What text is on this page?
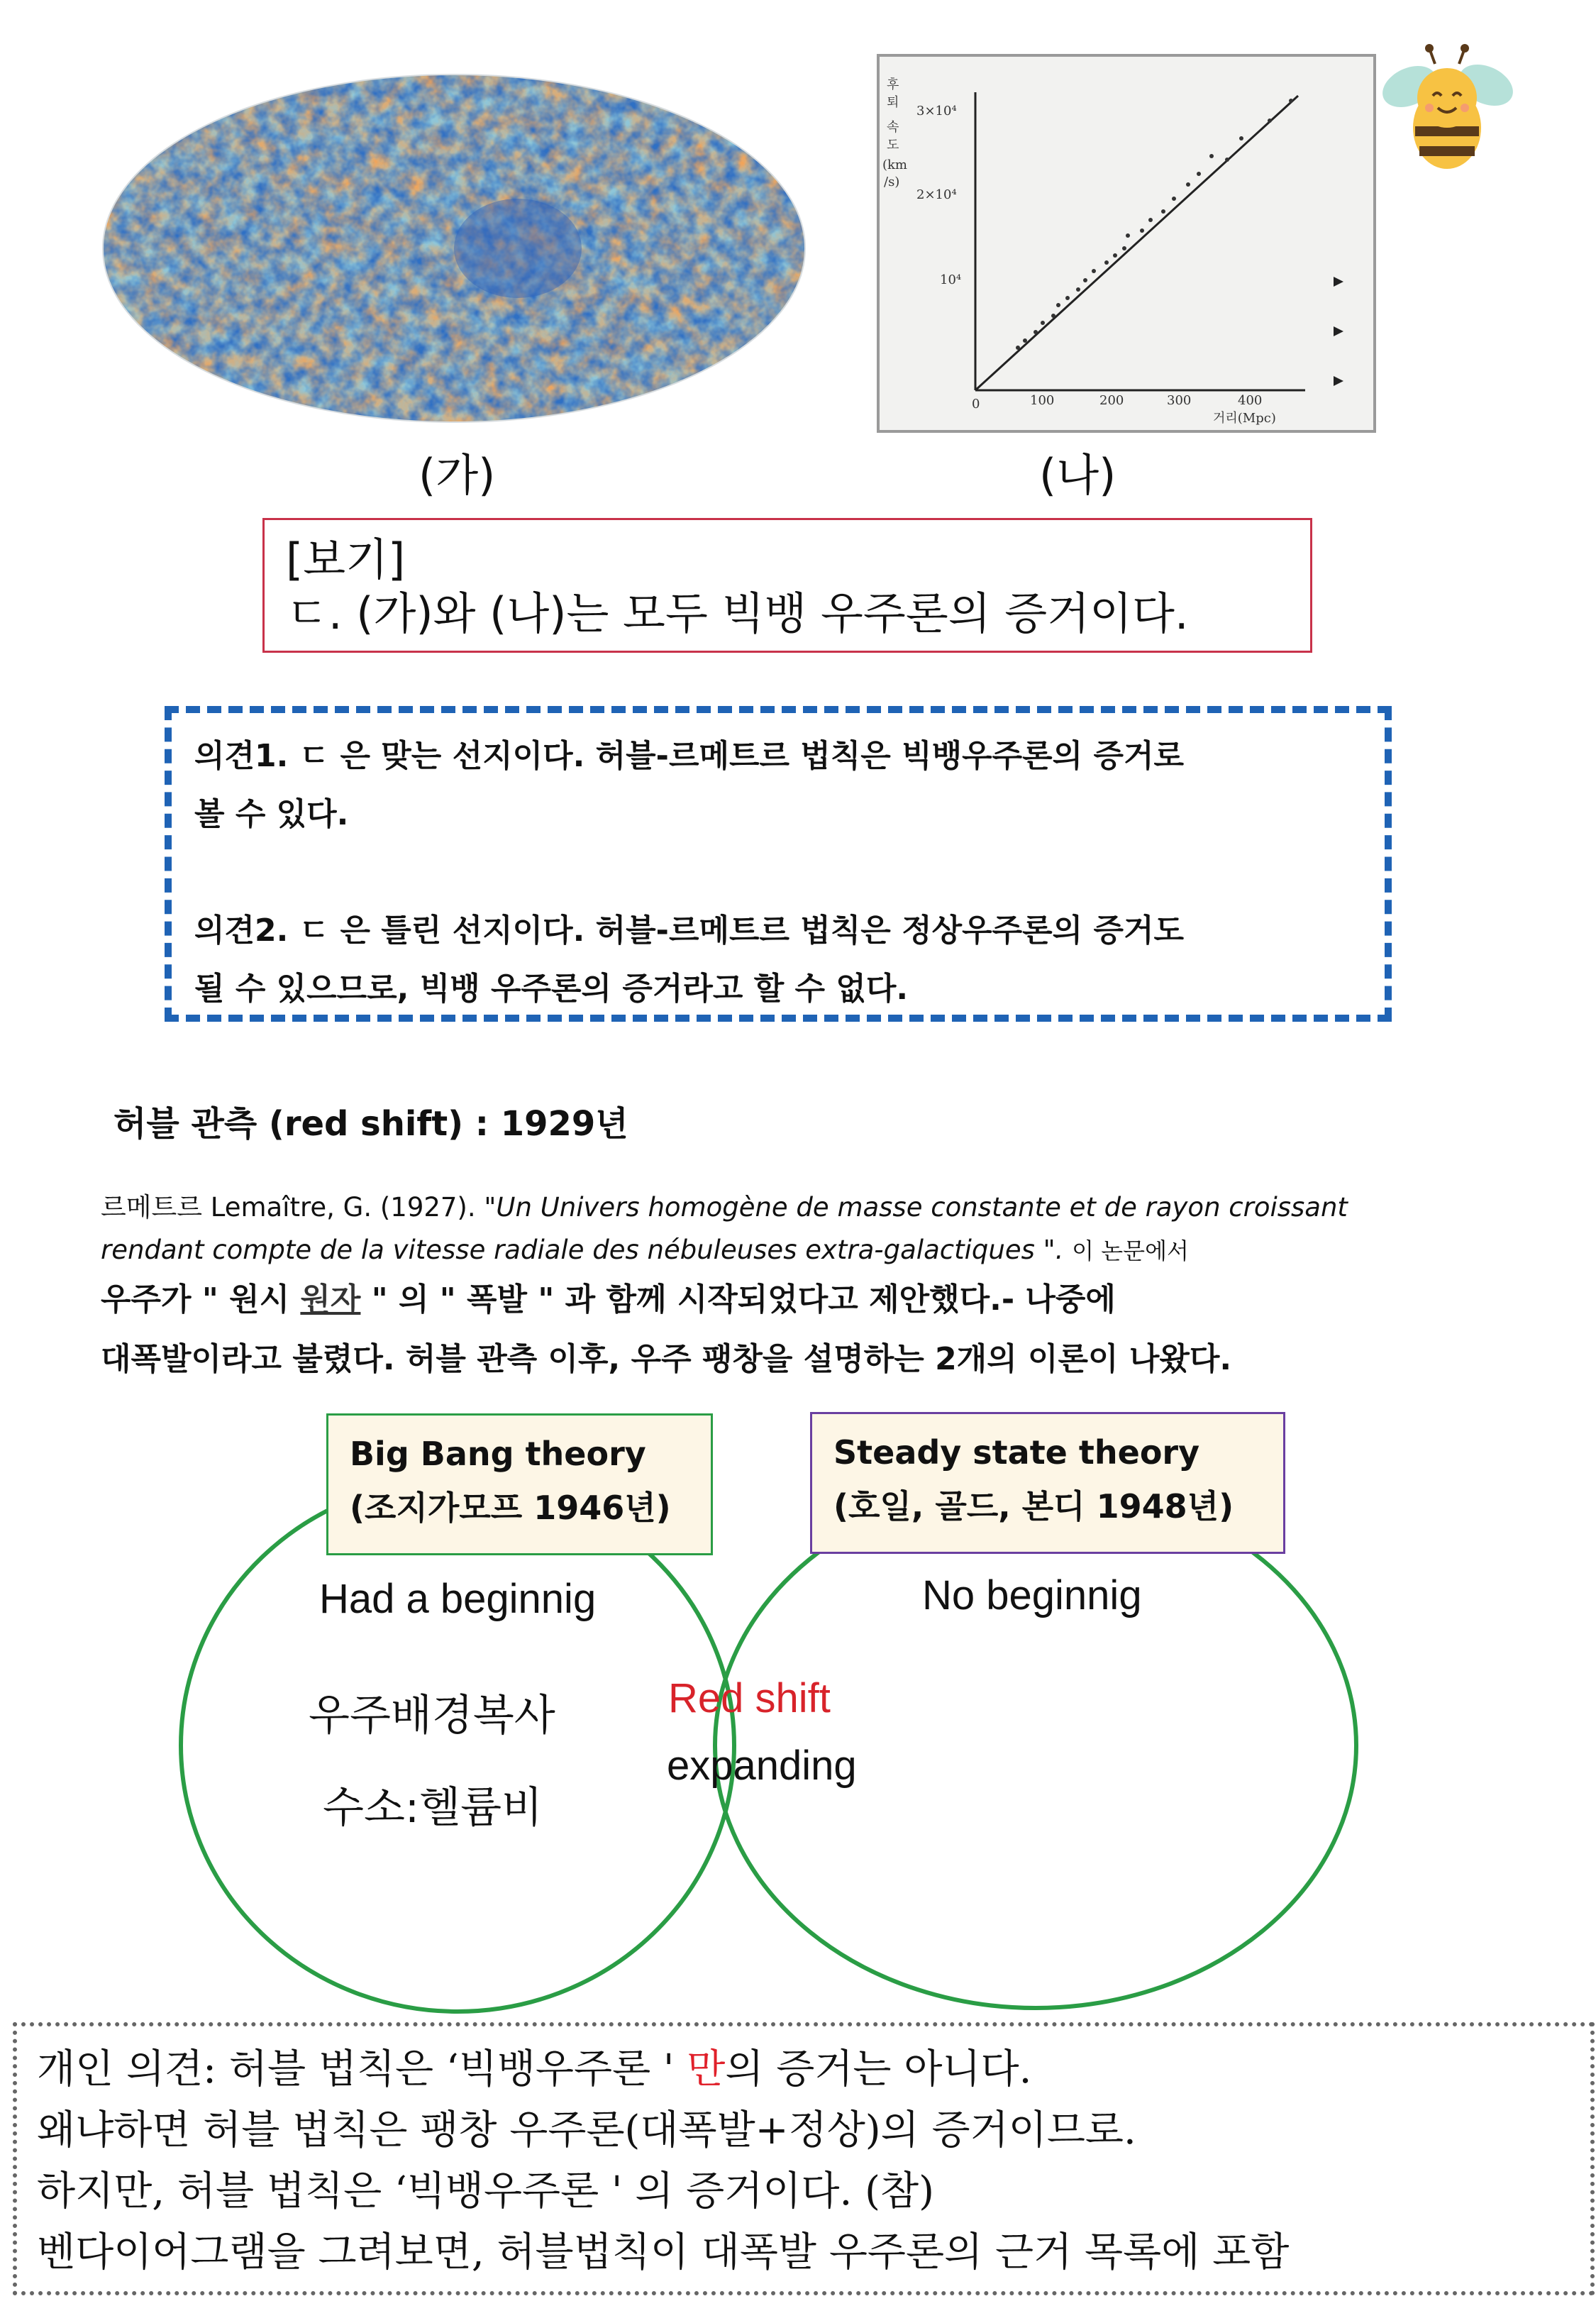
3×10⁴
2×10⁴
10⁴
0	100	200	300	400
거리(Mpc)
후
퇴
속
도
(km
/s)
(가)	(나)
[보기]
ㄷ. (가)와 (나)는 모두 빅뱅 우주론의 증거이다.

의견1. ㄷ 은 맞는 선지이다. 허블-르메트르 법칙은 빅뱅우주론의 증거로

볼 수 있다.

의견2. ㄷ 은 틀린 선지이다. 허블-르메트르 법칙은 정상우주론의 증거도

될 수 있으므로, 빅뱅 우주론의 증거라고 할 수 없다.

허블 관측 (red shift) : 1929년
르메트르 Lemaître, G. (1927). "Un Univers homogène de masse constante et de rayon croissant
rendant compte de la vitesse radiale des nébuleuses extra-galactiques ". 이 논문에서
우주가 " 원시 원자 " 의 " 폭발 " 과 함께 시작되었다고 제안했다.- 나중에
대폭발이라고 불렸다. 허블 관측 이후, 우주 팽창을 설명하는 2개의 이론이 나왔다.
Big Bang theory
(조지가모프 1946년)
Steady state theory
(호일, 골드, 본디 1948년)
Had a beginnig	No beginnig
우주배경복사
수소:헬륨비
Red shift
expanding

개인 의견: 허블 법칙은 ‘빅뱅우주론 ' 만의 증거는 아니다.

왜냐하면 허블 법칙은 팽창 우주론(대폭발+정상)의 증거이므로.

하지만, 허블 법칙은 ‘빅뱅우주론 ' 의 증거이다. (참)

벤다이어그램을 그려보면, 허블법칙이 대폭발 우주론의 근거 목록에 포함
